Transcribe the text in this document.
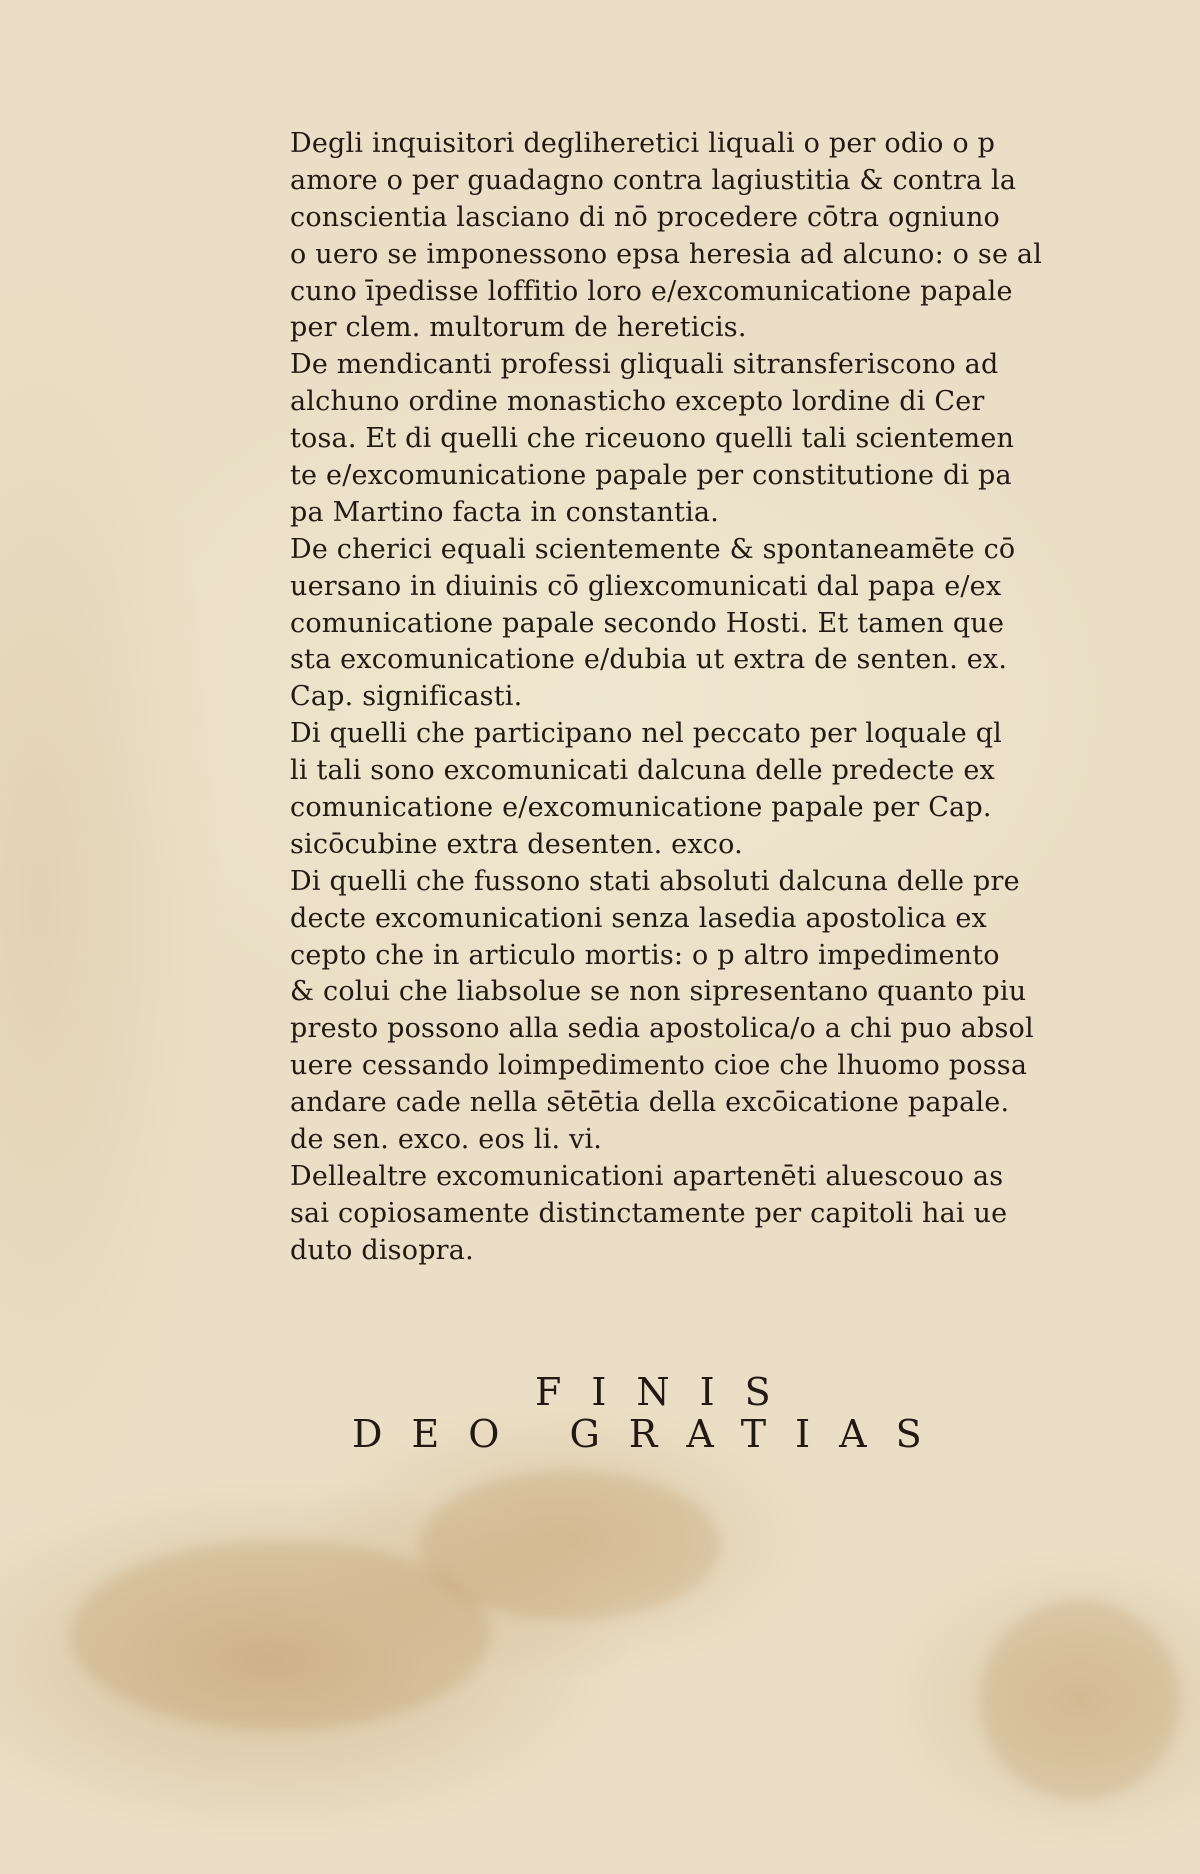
Degli inquisitori degliheretici liquali o per odio o p
amore o per guadagno contra lagiustitia & contra la
conscientia lasciano di nō procedere cōtra ogniuno
o uero se imponessono epsa heresia ad alcuno: o se al
cuno īpedisse loffitio loro e/excomunicatione papale
per clem. multorum de hereticis.
De mendicanti professi gliquali sitransferiscono ad
alchuno ordine monasticho excepto lordine di Cer
tosa. Et di quelli che riceuono quelli tali scientemen
te e/excomunicatione papale per constitutione di pa
pa Martino facta in constantia.
De cherici equali scientemente & spontaneamēte cō
uersano in diuinis cō gliexcomunicati dal papa e/ex
comunicatione papale secondo Hosti. Et tamen que
sta excomunicatione e/dubia ut extra de senten. ex.
Cap. significasti.
Di quelli che participano nel peccato per loquale ql
li tali sono excomunicati dalcuna delle predecte ex
comunicatione e/excomunicatione papale per Cap.
sicōcubine extra desenten. exco.
Di quelli che fussono stati absoluti dalcuna delle pre
decte excomunicationi senza lasedia apostolica ex
cepto che in articulo mortis: o p altro impedimento
& colui che liabsolue se non sipresentano quanto piu
presto possono alla sedia apostolica/o a chi puo absol
uere cessando loimpedimento cioe che lhuomo possa
andare cade nella sētētia della excōicatione papale.
de sen. exco. eos li. vi.
Dellealtre excomunicationi apartenēti aluescouo as
sai copiosamente distinctamente per capitoli hai ue
duto disopra.
FINIS
DEO GRATIAS
